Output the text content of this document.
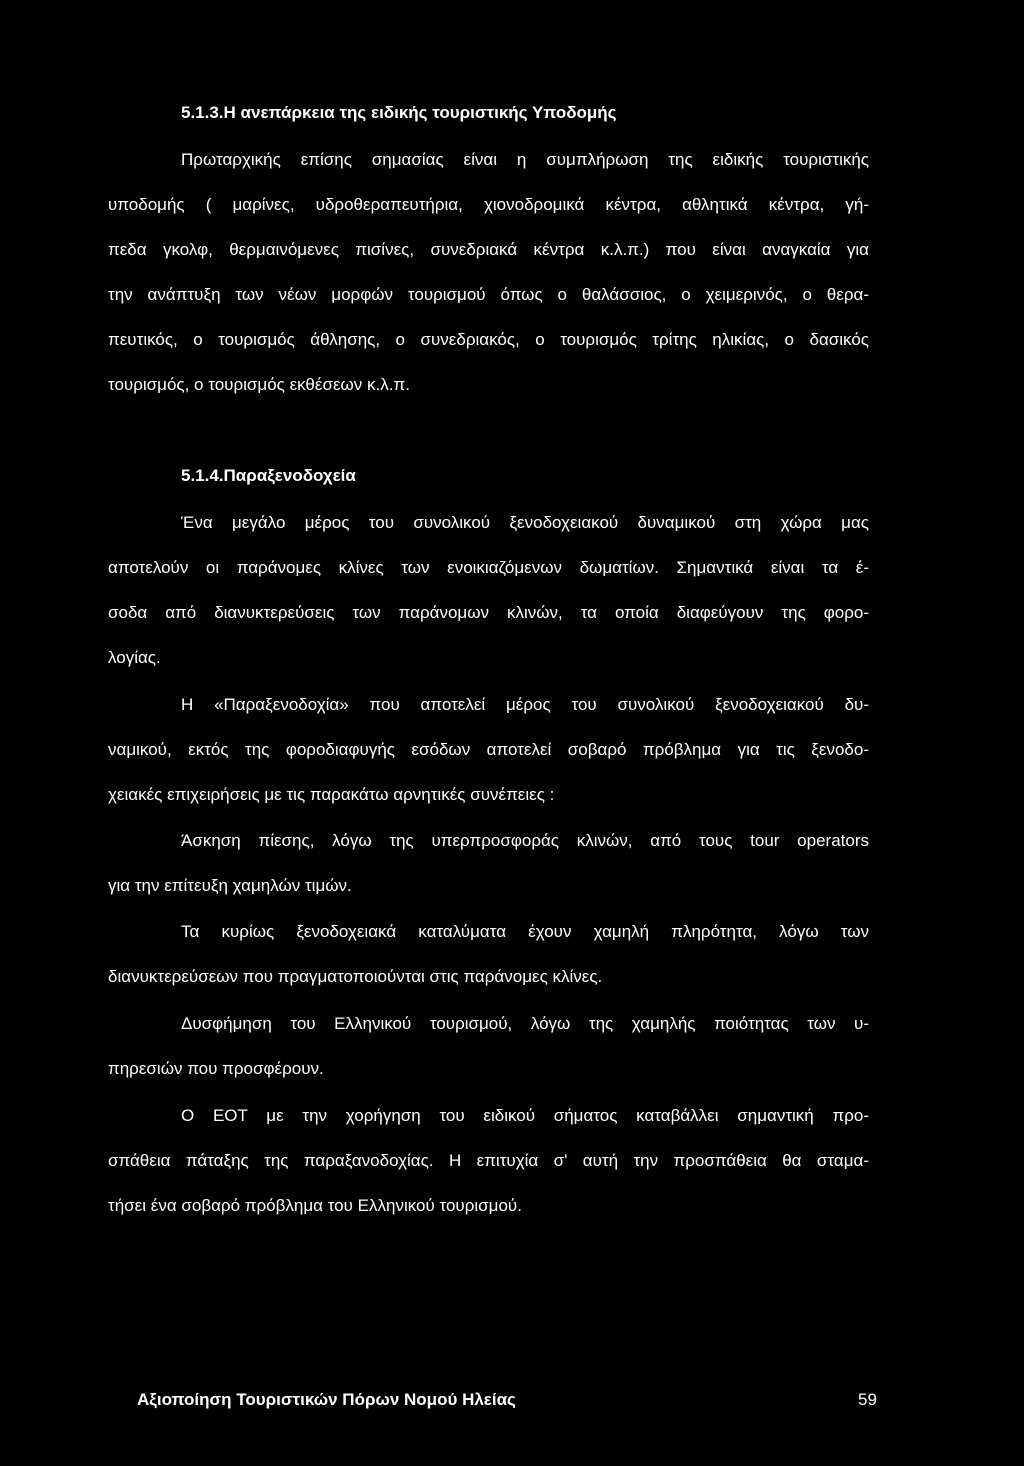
5.1.3.Η ανεπάρκεια της ειδικής τουριστικής Υποδομής
Πρωταρχικής επίσης σημασίας είναι η συμπλήρωση της ειδικής τουριστικής
υποδομής ( μαρίνες, υδροθεραπευτήρια, χιονοδρομικά κέντρα, αθλητικά κέντρα, γή-
πεδα γκολφ, θερμαινόμενες πισίνες, συνεδριακά κέντρα κ.λ.π.) που είναι αναγκαία για
την ανάπτυξη των νέων μορφών τουρισμού όπως ο θαλάσσιος, ο χειμερινός, ο θερα-
πευτικός, ο τουρισμός άθλησης, ο συνεδριακός, ο τουρισμός τρίτης ηλικίας, ο δασικός
τουρισμός, ο τουρισμός εκθέσεων κ.λ.π.
5.1.4.Παραξενοδοχεία
Ένα μεγάλο μέρος του συνολικού ξενοδοχειακού δυναμικού στη χώρα μας
αποτελούν οι παράνομες κλίνες των ενοικιαζόμενων δωματίων. Σημαντικά είναι τα έ-
σοδα από διανυκτερεύσεις των παράνομων κλινών, τα οποία διαφεύγουν της φορο-
λογίας.
Η «Παραξενοδοχία» που αποτελεί μέρος του συνολικού ξενοδοχειακού δυ-
ναμικού, εκτός της φοροδιαφυγής εσόδων αποτελεί σοβαρό πρόβλημα για τις ξενοδο-
χειακές επιχειρήσεις με τις παρακάτω αρνητικές συνέπειες :
Άσκηση πίεσης, λόγω της υπερπροσφοράς κλινών, από τους tour operators
για την επίτευξη χαμηλών τιμών.
Τα κυρίως ξενοδοχειακά καταλύματα έχουν χαμηλή πληρότητα, λόγω των
διανυκτερεύσεων που πραγματοποιούνται στις παράνομες κλίνες.
Δυσφήμηση του Ελληνικού τουρισμού, λόγω της χαμηλής ποιότητας των υ-
πηρεσιών που προσφέρουν.
Ο ΕΟΤ με την χορήγηση του ειδικού σήματος καταβάλλει σημαντική προ-
σπάθεια πάταξης της παραξανοδοχίας. Η επιτυχία σ' αυτή την προσπάθεια θα σταμα-
τήσει ένα σοβαρό πρόβλημα του Ελληνικού τουρισμού.
Αξιοποίηση Τουριστικών Πόρων Νομού Ηλείας	59
